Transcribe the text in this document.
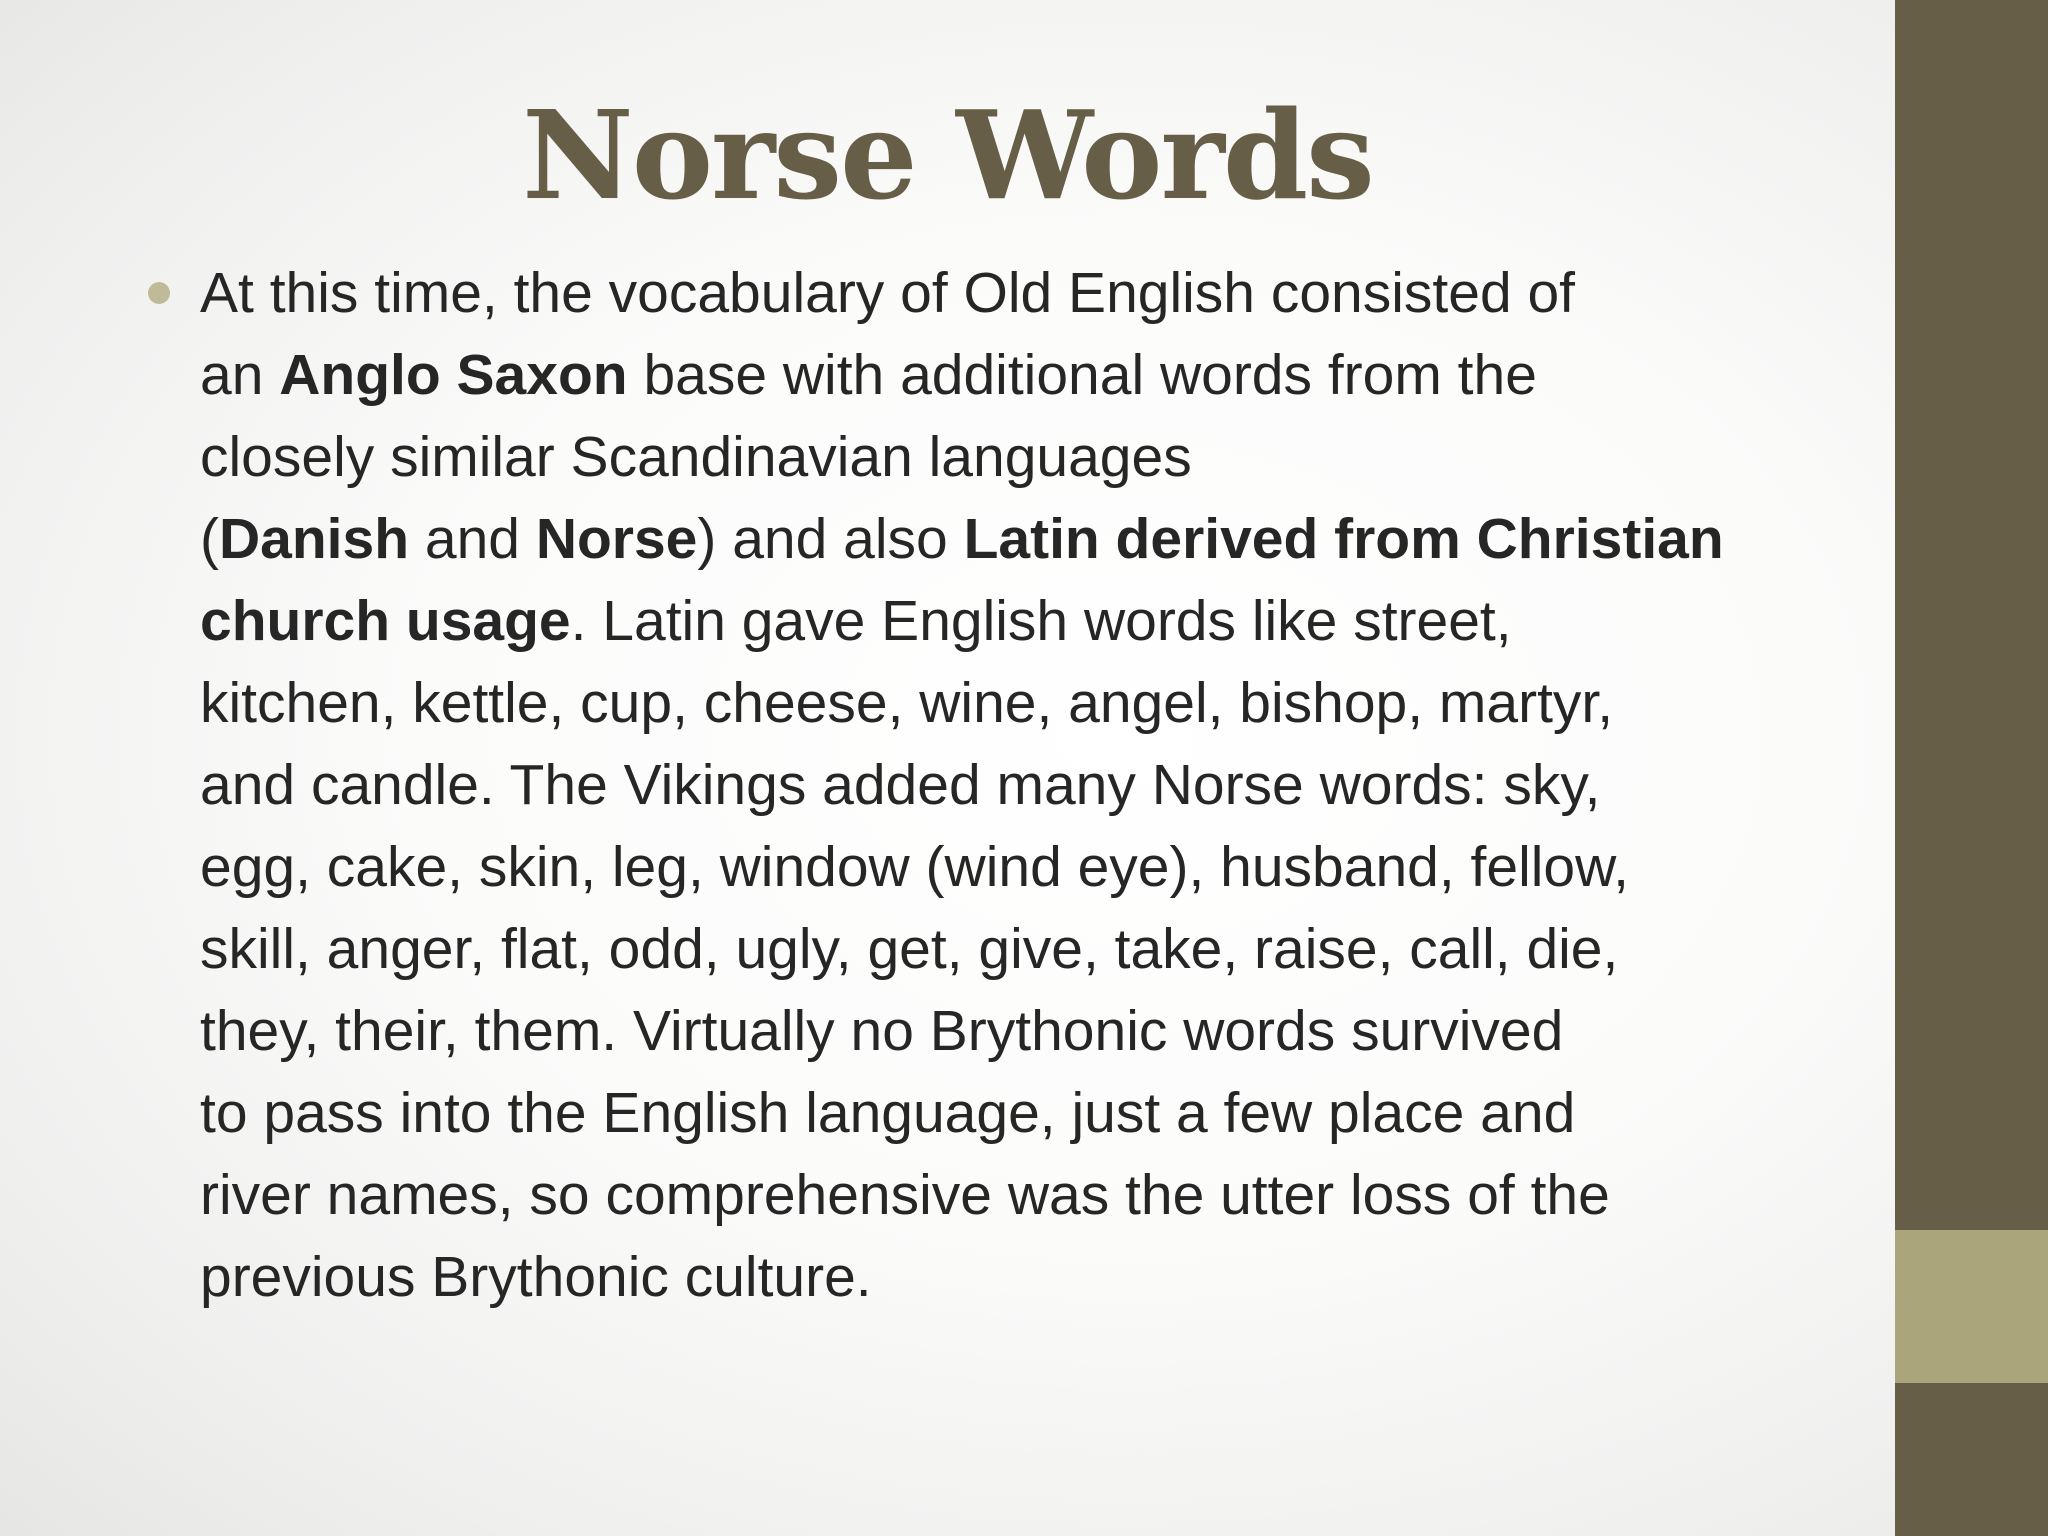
Norse Words
At this time, the vocabulary of Old English consisted of
an Anglo Saxon base with additional words from the
closely similar Scandinavian languages
(Danish and Norse) and also Latin derived from Christian
church usage. Latin gave English words like street,
kitchen, kettle, cup, cheese, wine, angel, bishop, martyr,
and candle. The Vikings added many Norse words: sky,
egg, cake, skin, leg, window (wind eye), husband, fellow,
skill, anger, flat, odd, ugly, get, give, take, raise, call, die,
they, their, them. Virtually no Brythonic words survived
to pass into the English language, just a few place and
river names, so comprehensive was the utter loss of the
previous Brythonic culture.
